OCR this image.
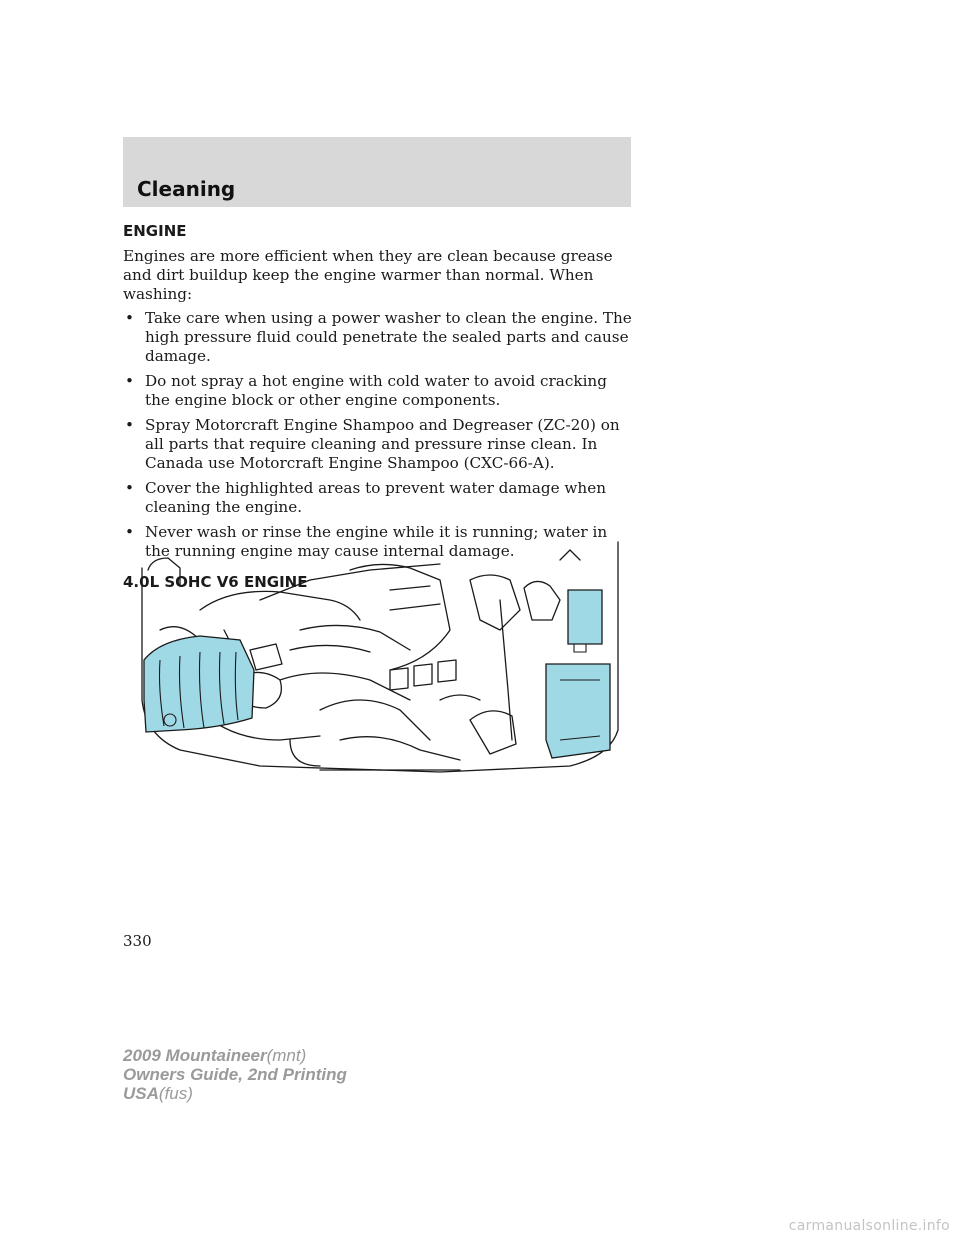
Cleaning
ENGINE

Engines are more efficient when they are clean because grease and dirt buildup keep the engine warmer than normal. When washing:

• Take care when using a power washer to clean the engine. The high pressure fluid could penetrate the sealed parts and cause damage.
• Do not spray a hot engine with cold water to avoid cracking the engine block or other engine components.
• Spray Motorcraft Engine Shampoo and Degreaser (ZC-20) on all parts that require cleaning and pressure rinse clean. In Canada use Motorcraft Engine Shampoo (CXC-66-A).
• Cover the highlighted areas to prevent water damage when cleaning the engine.
• Never wash or rinse the engine while it is running; water in the running engine may cause internal damage.
4.0L SOHC V6 ENGINE
330
2009 Mountaineer(mnt)
Owners Guide, 2nd Printing
USA(fus)
carmanualsonline.info
